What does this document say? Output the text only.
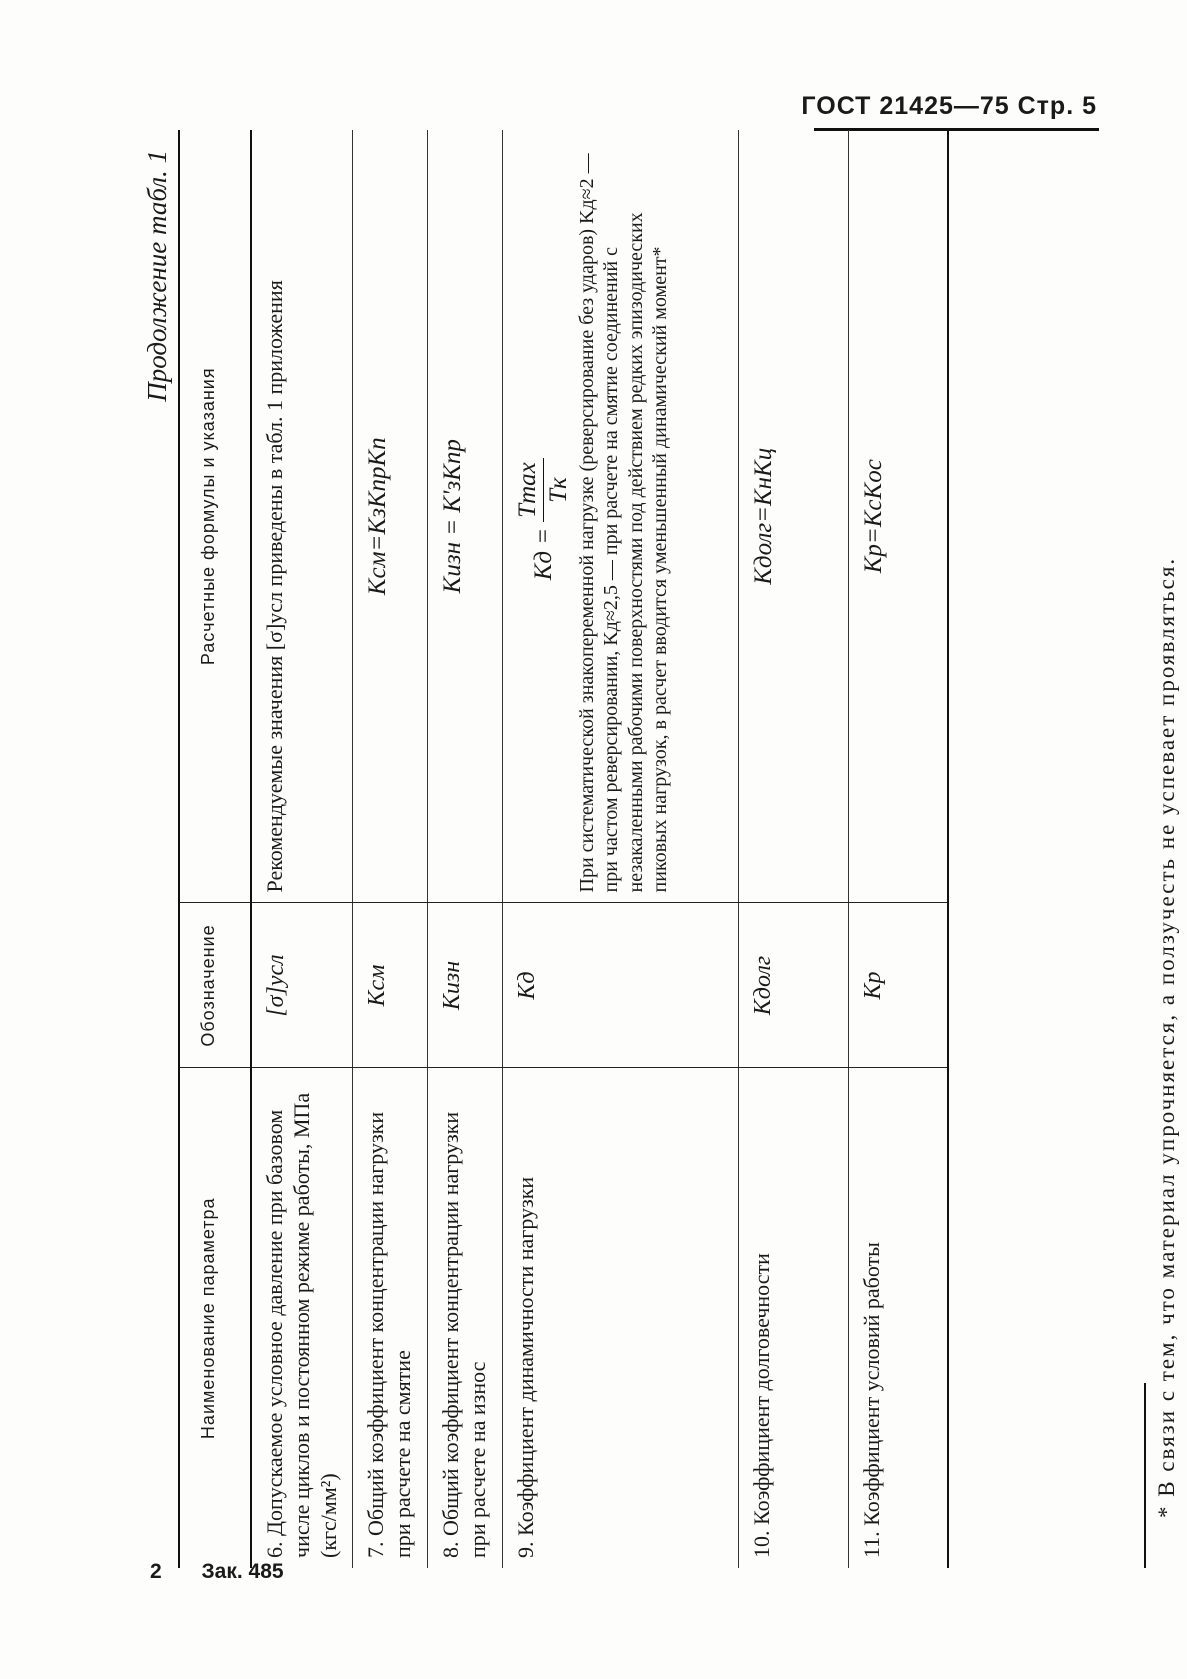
ГОСТ 21425—75 Стр. 5
Продолжение табл. 1
Наименование параметра	Обозначение	Расчетные формулы и указания
6. Допускаемое условное давление при базовом числе циклов и постоянном режиме работы, МПа (кгс/мм²)	[σ]усл	Рекомендуемые значения [σ]усл приведены в табл. 1 приложения
7. Общий коэффициент концентрации нагрузки при расчете на смятие	Kсм	Kсм=KзKпрKп

8. Общий коэффициент концентрации нагрузки при расчете на износ	Kизн	Kизн = K'зKпр

9. Коэффициент динамичности нагрузки	Kд	Kд =
Tmax Tк При систематической знакопеременной нагрузке (реверсирование без ударов) Kд≈2 — при частом реверсировании, Kд≈2,5 — при расчете на смятие соединений с незакаленными рабочими поверхностями под действием редких эпизодических пиковых нагрузок, в расчет вводится уменьшенный динамический момент*

10. Коэффициент долговечности	Kдолг	Kдолг=KнKц

11. Коэффициент условий работы	Kр	Kр=KсKос
* В связи с тем, что материал упрочняется, а ползучесть не успевает проявляться.
2 Зак. 485
